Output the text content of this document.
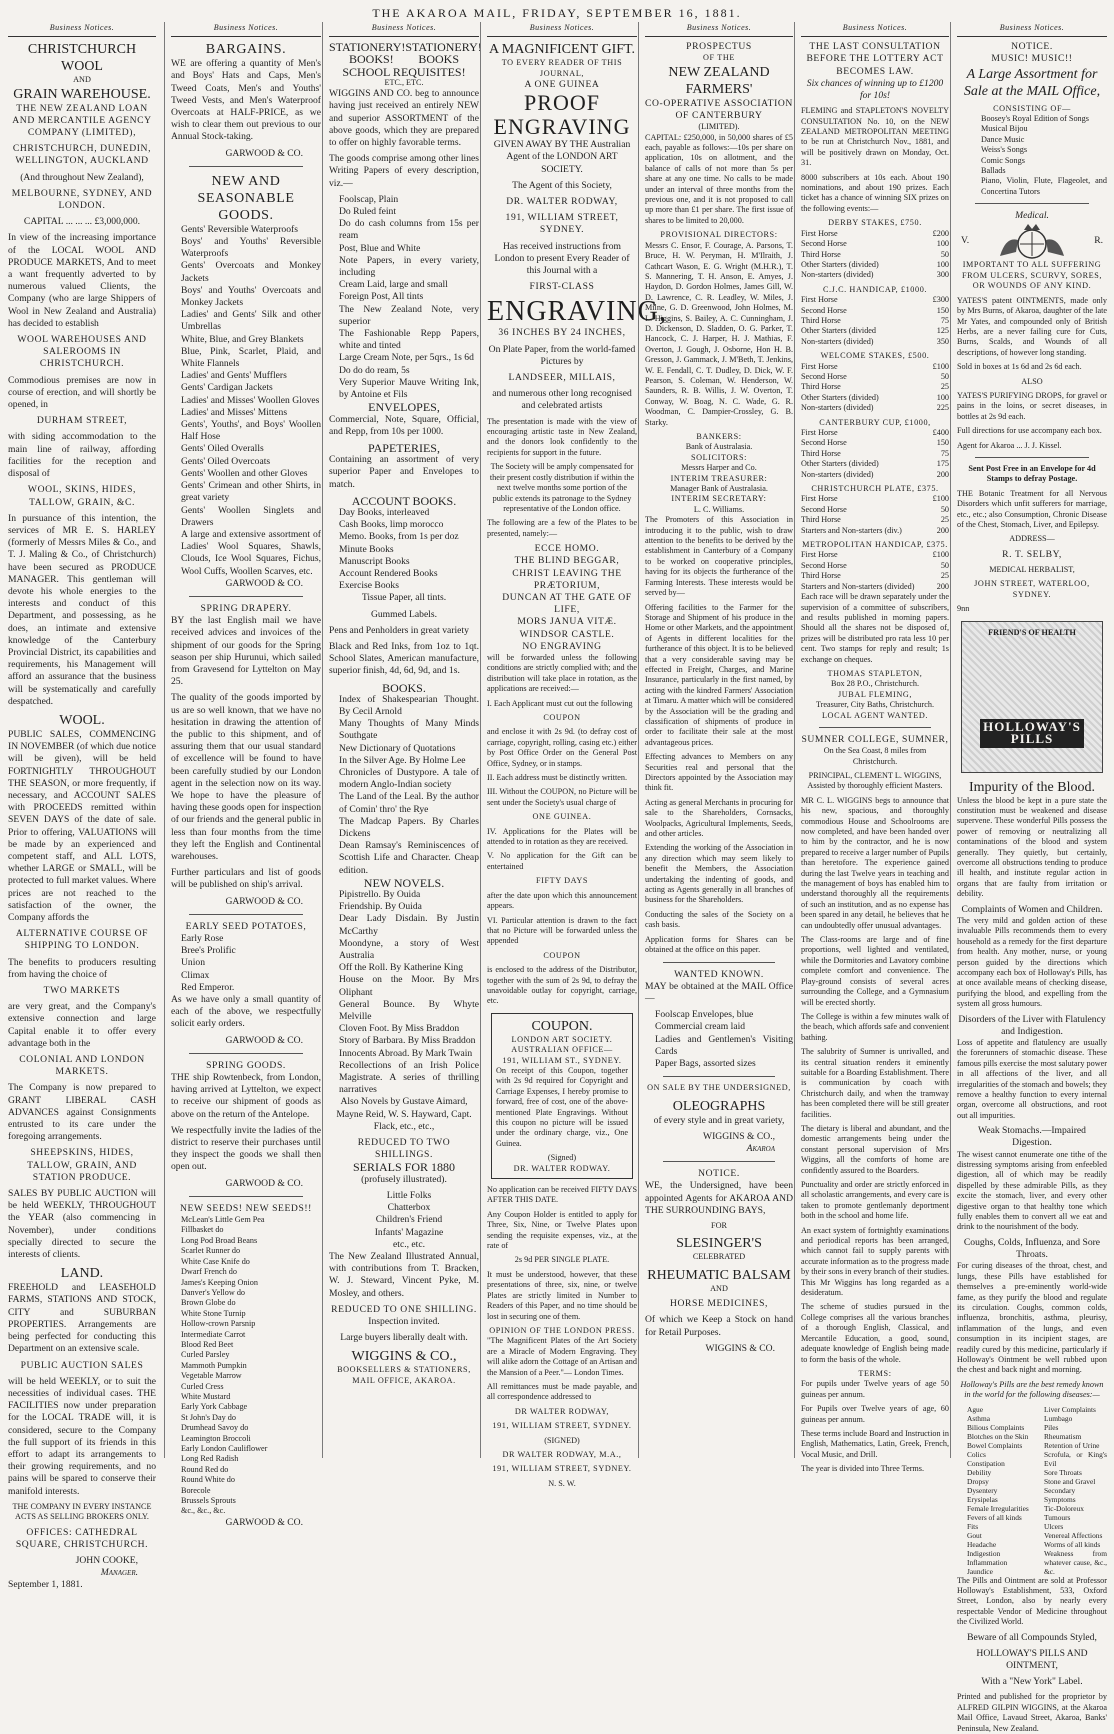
THE AKAROA MAIL, FRIDAY, SEPTEMBER 16, 1881.
Business Notices.
CHRISTCHURCH WOOL
AND
GRAIN WAREHOUSE.

THE NEW ZEALAND LOAN AND MERCANTILE AGENCY COMPANY (LIMITED),

CHRISTCHURCH, DUNEDIN, WELLINGTON, AUCKLAND

(And throughout New Zealand),

MELBOURNE, SYDNEY, AND LONDON.

CAPITAL ... ... ... £3,000,000.

In view of the increasing importance of the LOCAL WOOL AND PRODUCE MARKETS, And to meet a want frequently adverted to by numerous valued Clients, the Company (who are large Shippers of Wool in New Zealand and Australia) has decided to establish

WOOL WAREHOUSES AND SALEROOMS IN CHRISTCHURCH.

Commodious premises are now in course of erection, and will shortly be opened, in

DURHAM STREET,

with siding accommodation to the main line of railway, affording facilities for the reception and disposal of

WOOL, SKINS, HIDES, TALLOW, GRAIN, &C.

In pursuance of this intention, the services of MR E. S. HARLEY (formerly of Messrs Miles & Co., and T. J. Maling & Co., of Christchurch) have been secured as PRODUCE MANAGER. This gentleman will devote his whole energies to the interests and conduct of this Department, and possessing, as he does, an intimate and extensive knowledge of the Canterbury Provincial District, its capabilities and requirements, his Management will afford an assurance that the business will be systematically and carefully despatched.

WOOL.

PUBLIC SALES, COMMENCING IN NOVEMBER (of which due notice will be given), will be held FORTNIGHTLY THROUGHOUT THE SEASON, or more frequently, if necessary, and ACCOUNT SALES with PROCEEDS remitted within SEVEN DAYS of the date of sale. Prior to offering, VALUATIONS will be made by an experienced and competent staff, and ALL LOTS, whether LARGE or SMALL, will be protected to full market values. Where prices are not reached to the satisfaction of the owner, the Company affords the

ALTERNATIVE COURSE OF SHIPPING TO LONDON.

The benefits to producers resulting from having the choice of

TWO MARKETS

are very great, and the Company's extensive connection and large Capital enable it to offer every advantage both in the

COLONIAL AND LONDON MARKETS.

The Company is now prepared to GRANT LIBERAL CASH ADVANCES against Consignments entrusted to its care under the foregoing arrangements.

SHEEPSKINS, HIDES, TALLOW, GRAIN, AND STATION PRODUCE.

SALES BY PUBLIC AUCTION will be held WEEKLY, THROUGHOUT the YEAR (also commencing in November), under conditions specially directed to secure the interests of clients.

LAND.

FREEHOLD and LEASEHOLD FARMS, STATIONS AND STOCK, CITY and SUBURBAN PROPERTIES. Arrangements are being perfected for conducting this Department on an extensive scale.

PUBLIC AUCTION SALES

will be held WEEKLY, or to suit the necessities of individual cases. THE FACILITIES now under preparation for the LOCAL TRADE will, it is considered, secure to the Company the full support of its friends in this effort to adapt its arrangements to their growing requirements, and no pains will be spared to conserve their manifold interests.

THE COMPANY IN EVERY INSTANCE ACTS AS SELLING BROKERS ONLY.

OFFICES: CATHEDRAL SQUARE, CHRISTCHURCH.

JOHN COOKE,
Manager.
September 1, 1881.
Business Notices.
BARGAINS.

WE are offering a quantity of Men's and Boys' Hats and Caps, Men's Tweed Coats, Men's and Youths' Tweed Vests, and Men's Waterproof Overcoats at HALF-PRICE, as we wish to clear them out previous to our Annual Stock-taking.

GARWOOD & CO.
NEW AND SEASONABLE GOODS.
Gents' Reversible Waterproofs
Boys' and Youths' Reversible Waterproofs
Gents' Overcoats and Monkey Jackets
Boys' and Youths' Overcoats and Monkey Jackets
Ladies' and Gents' Silk and other Umbrellas
White, Blue, and Grey Blankets
Blue, Pink, Scarlet, Plaid, and White Flannels
Ladies' and Gents' Mufflers
Gents' Cardigan Jackets
Ladies' and Misses' Woollen Gloves
Ladies' and Misses' Mittens
Gents', Youths', and Boys' Woollen Half Hose
Gents' Oiled Overalls
Gents' Oiled Overcoats
Gents' Woollen and other Gloves
Gents' Crimean and other Shirts, in great variety
Gents' Woollen Singlets and Drawers
A large and extensive assortment of Ladies' Wool Squares, Shawls, Clouds, Ice Wool Squares, Fichus, Wool Cuffs, Woollen Scarves, etc.
GARWOOD & CO.
SPRING DRAPERY.

BY the last English mail we have received advices and invoices of the shipment of our goods for the Spring season per ship Hurunui, which sailed from Gravesend for Lyttelton on May 25.

The quality of the goods imported by us are so well known, that we have no hesitation in drawing the attention of the public to this shipment, and of assuring them that our usual standard of excellence will be found to have been carefully studied by our London agent in the selection now on its way. We hope to have the pleasure of having these goods open for inspection of our friends and the general public in less than four months from the time they left the English and Continental warehouses.

Further particulars and list of goods will be published on ship's arrival.

GARWOOD & CO.
EARLY SEED POTATOES,
Early Rose
Bree's Prolific
Union
Climax
Red Emperor.

As we have only a small quantity of each of the above, we respectfully solicit early orders.

GARWOOD & CO.
SPRING GOODS.

THE ship Rowtenbeck, from London, having arrived at Lyttelton, we expect to receive our shipment of goods as above on the return of the Antelope.

We respectfully invite the ladies of the district to reserve their purchases until they inspect the goods we shall then open out.

GARWOOD & CO.
NEW SEEDS! NEW SEEDS!!
McLean's Little Gem Pea
Fillbasket do
Long Pod Broad Beans
Scarlet Runner do
White Case Knife do
Dwarf French do
James's Keeping Onion
Danver's Yellow do
Brown Globe do
White Stone Turnip
Hollow-crown Parsnip
Intermediate Carrot
Blood Red Beet
Curled Parsley
Mammoth Pumpkin
Vegetable Marrow
Curled Cress
White Mustard
Early York Cabbage
St John's Day do
Drumhead Savoy do
Leamington Broccoli
Early London Cauliflower
Long Red Radish
Round Red do
Round White do
Borecole
Brussels Sprouts
&c., &c., &c.
GARWOOD & CO.
Business Notices.
STATIONERY! STATIONERY!
BOOKS! BOOKS
SCHOOL REQUISITES!
ETC., ETC.

WIGGINS AND CO. beg to announce having just received an entirely NEW and superior ASSORTMENT of the above goods, which they are prepared to offer on highly favorable terms.

The goods comprise among other lines Writing Papers of every description, viz.—

Foolscap, Plain
Do Ruled feint
Do do cash columns from 15s per ream
Post, Blue and White
Note Papers, in every variety, including
Cream Laid, large and small
Foreign Post, All tints
The New Zealand Note, very superior
The Fashionable Repp Papers, white and tinted
Large Cream Note, per 5qrs., 1s 6d
Do do do ream, 5s
Very Superior Mauve Writing Ink, by Antoine et Fils
ENVELOPES,

Commercial, Note, Square, Official, and Repp, from 10s per 1000.

PAPETERIES,

Containing an assortment of very superior Paper and Envelopes to match.

ACCOUNT BOOKS.
Day Books, interleaved
Cash Books, limp morocco
Memo. Books, from 1s per doz
Minute Books
Manuscript Books
Account Rendered Books
Exercise Books

Tissue Paper, all tints.

Gummed Labels.

Pens and Penholders in great variety

Black and Red Inks, from 1oz to 1qt. School Slates, American manufacture, superior finish, 4d, 6d, 9d, and 1s.

BOOKS.
Index of Shakespearian Thought. By Cecil Arnold
Many Thoughts of Many Minds Southgate
New Dictionary of Quotations
In the Silver Age. By Holme Lee
Chronicles of Dustypore. A tale of modern Anglo-Indian society
The Land of the Leal. By the author of Comin' thro' the Rye
The Madcap Papers. By Charles Dickens
Dean Ramsay's Reminiscences of Scottish Life and Character. Cheap edition.
NEW NOVELS.
Pipistrello. By Ouida
Friendship. By Ouida
Dear Lady Disdain. By Justin McCarthy
Moondyne, a story of West Australia
Off the Roll. By Katherine King
House on the Moor. By Mrs Oliphant
General Bounce. By Whyte Melville
Cloven Foot. By Miss Braddon
Story of Barbara. By Miss Braddon
Innocents Abroad. By Mark Twain
Recollections of an Irish Police Magistrate. A series of thrilling narratives

Also Novels by Gustave Aimard, Mayne Reid, W. S. Hayward, Capt. Flack, etc., etc.,

REDUCED TO TWO SHILLINGS.
SERIALS FOR 1880

(profusely illustrated).

Little Folks
Chatterbox
Children's Friend
Infants' Magazine
etc., etc.

The New Zealand Illustrated Annual, with contributions from T. Bracken, W. J. Steward, Vincent Pyke, M. Mosley, and others.

REDUCED TO ONE SHILLING.

Inspection invited.

Large buyers liberally dealt with.

WIGGINS & CO.,
BOOKSELLERS & STATIONERS, MAIL OFFICE, AKAROA.
Business Notices.
A MAGNIFICENT GIFT.
TO EVERY READER OF THIS JOURNAL,
A ONE GUINEA
PROOF ENGRAVING

GIVEN AWAY BY THE Australian Agent of the LONDON ART SOCIETY.

The Agent of this Society,

DR. WALTER RODWAY,

191, WILLIAM STREET, SYDNEY.

Has received instructions from London to present Every Reader of this Journal with a

FIRST-CLASS

ENGRAVING,

36 INCHES BY 24 INCHES,

On Plate Paper, from the world-famed Pictures by

LANDSEER, MILLAIS,

and numerous other long recognised and celebrated artists

The presentation is made with the view of encouraging artistic taste in New Zealand, and the donors look confidently to the recipients for support in the future.

The Society will be amply compensated for their present costly distribution if within the next twelve months some portion of the public extends its patronage to the Sydney representative of the London office.

The following are a few of the Plates to be presented, namely:—

ECCE HOMO.
THE BLIND BEGGAR,
CHRIST LEAVING THE PRÆTORIUM,
DUNCAN AT THE GATE OF LIFE,
MORS JANUA VITÆ.
WINDSOR CASTLE.
NO ENGRAVING

will be forwarded unless the following conditions are strictly complied with; and the distribution will take place in rotation, as the applications are received:—

I. Each Applicant must cut out the following

COUPON

and enclose it with 2s 9d. (to defray cost of carriage, copyright, rolling, casing etc.) either by Post Office Order on the General Post Office, Sydney, or in stamps.

II. Each address must be distinctly written.

III. Without the COUPON, no Picture will be sent under the Society's usual charge of

ONE GUINEA.

IV. Applications for the Plates will be attended to in rotation as they are received.

V. No application for the Gift can be entertained

FIFTY DAYS

after the date upon which this announcement appears.

VI. Particular attention is drawn to the fact that no Picture will be forwarded unless the appended

COUPON

is enclosed to the address of the Distributor, together with the sum of 2s 9d, to defray the unavoidable outlay for copyright, carriage, etc.

COUPON.
LONDON ART SOCIETY.
AUSTRALIAN OFFICE—
191, WILLIAM ST., SYDNEY.

On receipt of this Coupon, together with 2s 9d required for Copyright and Carriage Expenses, I hereby promise to forward, free of cost, one of the above-mentioned Plate Engravings. Without this coupon no picture will be issued under the ordinary charge, viz., One Guinea.

(Signed)
DR. WALTER RODWAY.

No application can be received FIFTY DAYS AFTER THIS DATE.

Any Coupon Holder is entitled to apply for Three, Six, Nine, or Twelve Plates upon sending the requisite expenses, viz., at the rate of

2s 9d PER SINGLE PLATE.

It must be understood, however, that these presentations of three, six, nine, or twelve Plates are strictly limited in Number to Readers of this Paper, and no time should be lost in securing one of them.

OPINION OF THE LONDON PRESS.

"The Magnificent Plates of the Art Society are a Miracle of Modern Engraving. They will alike adorn the Cottage of an Artisan and the Mansion of a Peer."— London Times.

All remittances must be made payable, and all correspondence addressed to

DR WALTER RODWAY,

191, WILLIAM STREET, SYDNEY.

(SIGNED)

DR WALTER RODWAY, M.A.,

191, WILLIAM STREET, SYDNEY.

N. S. W.

Business Notices.
PROSPECTUS
OF THE
NEW ZEALAND FARMERS'
CO-OPERATIVE ASSOCIATION OF CANTERBURY
(LIMITED).

CAPITAL: £250,000, in 50,000 shares of £5 each, payable as follows:—10s per share on application, 10s on allotment, and the balance of calls of not more than 5s per share at any one time. No calls to be made under an interval of three months from the previous one, and it is not proposed to call up more than £1 per share. The first issue of shares to be limited to 20,000.

PROVISIONAL DIRECTORS:

Messrs C. Ensor, F. Courage, A. Parsons, T. Bruce, H. W. Peryman, H. M'Ilraith, J. Cathcart Wason, E. G. Wright (M.H.R.), T. S. Mannering, T. H. Anson, E. Amyes, J. Haydon, D. Gordon Holmes, James Gill, W. D. Lawrence, C. R. Leadley, W. Miles, J. Milne, G. D. Greenwood, John Holmes, M. L. Higgins, S. Bailey, A. C. Cunningham, J. D. Dickenson, D. Sladden, O. G. Parker, T. Hancock, C. J. Harper, H. J. Mathias, F. Overton, J. Gough, J. Osborne, Hon H. B. Gresson, J. Gammack, J. M'Beth, T. Jenkins, W. E. Fendall, C. T. Dudley, D. Dick, W. F. Pearson, S. Coleman, W. Henderson, W. Saunders, R. B. Willis, J. W. Overton, T. Conway, W. Boag, N. C. Wade, G. R. Woodman, C. Dampier-Crossley, G. B. Starky.

BANKERS:
Bank of Australasia.
SOLICITORS:
Messrs Harper and Co.
INTERIM TREASURER:
Manager Bank of Australasia.
INTERIM SECRETARY:
L. C. Williams.

The Promoters of this Association in introducing it to the public, wish to draw attention to the benefits to be derived by the establishment in Canterbury of a Company to be worked on cooperative principles, having for its objects the furtherance of the Farming Interests. These interests would be served by—

Offering facilities to the Farmer for the Storage and Shipment of his produce in the Home or other Markets, and the appointment of Agents in different localities for the furtherance of this object. It is to be believed that a very considerable saving may be effected in Freight, Charges, and Marine Insurance, particularly in the first named, by acting with the kindred Farmers' Association at Timaru. A matter which will be considered by the Association will be the grading and classification of shipments of produce in order to facilitate their sale at the most advantageous prices.

Effecting advances to Members on any Securities real and personal that the Directors appointed by the Association may think fit.

Acting as general Merchants in procuring for sale to the Shareholders, Cornsacks, Woolpacks, Agricultural Implements, Seeds, and other articles.

Extending the working of the Association in any direction which may seem likely to benefit the Members, the Association undertaking the indenting of goods, and acting as Agents generally in all branches of business for the Shareholders.

Conducting the sales of the Society on a cash basis.

Application forms for Shares can be obtained at the office on this paper.

WANTED KNOWN.

MAY be obtained at the MAIL Office—

Foolscap Envelopes, blue
Commercial cream laid
Ladies and Gentlemen's Visiting Cards
Paper Bags, assorted sizes

ON SALE BY THE UNDERSIGNED,

OLEOGRAPHS

of every style and in great variety,

WIGGINS & CO.,
Akaroa
NOTICE.

WE, the Undersigned, have been appointed Agents for AKAROA AND THE SURROUNDING BAYS,

FOR

SLESINGER'S

CELEBRATED

RHEUMATIC BALSAM

AND

HORSE MEDICINES,

Of which we Keep a Stock on hand for Retail Purposes.

WIGGINS & CO.
Business Notices.
THE LAST CONSULTATION BEFORE THE LOTTERY ACT BECOMES LAW.

Six chances of winning up to £1200 for 10s!

FLEMING and STAPLETON'S NOVELTY CONSULTATION No. 10, on the NEW ZEALAND METROPOLITAN MEETING to be run at Christchurch Nov., 1881, and will be positively drawn on Monday, Oct. 31.

8000 subscribers at 10s each. About 190 nominations, and about 190 prizes. Each ticket has a chance of winning SIX prizes on the following events:—

DERBY STAKES, £750.
First Horse	£200
Second Horse	100
Third Horse	50
Other Starters (divided)	100
Non-starters (divided)	300
C.J.C. HANDICAP, £1000.
First Horse	£300
Second Horse	150
Third Horse	75
Other Starters (divided	125
Non-starters (divided)	350
WELCOME STAKES, £500.
First Horse	£100
Second Horse	50
Third Horse	25
Other Starters (divided)	100
Non-starters (divided)	225
CANTERBURY CUP, £1000,
First Horse	£400
Second Horse	150
Third Horse	75
Other Starters (divided)	175
Non-starters (divided)	200
CHRISTCHURCH PLATE, £375.
First Horse	£100
Second Horse	50
Third Horse	25
Starters and Non-starters (div.)	200
METROPOLITAN HANDICAP, £375.
First Horse	£100
Second Horse	50
Third Horse	25
Starters and Non-starters (divided)	200

Each race will be drawn separately under the supervision of a committee of subscribers, and results published in morning papers. Should all the shares not be disposed of, prizes will be distributed pro rata less 10 per cent. Two stamps for reply and result; 1s exchange on cheques.

THOMAS STAPLETON,
Box 28 P.O., Christchurch.
JUBAL FLEMING,
Treasurer, City Baths, Christchurch.
LOCAL AGENT WANTED.
SUMNER COLLEGE, SUMNER,

On the Sea Coast, 8 miles from Christchurch.

PRINCIPAL, CLEMENT L. WIGGINS, Assisted by thoroughly efficient Masters.

MR C. L. WIGGINS begs to announce that his new, spacious, and thoroughly commodious House and Schoolrooms are now completed, and have been handed over to him by the contractor, and he is now prepared to receive a larger number of Pupils than heretofore. The experience gained during the last Twelve years in teaching and the management of boys has enabled him to understand thoroughly all the requirements of such an institution, and as no expense has been spared in any detail, he believes that he can undoubtedly offer unusual advantages.

The Class-rooms are large and of fine proportions, well lighted and ventilated, while the Dormitories and Lavatory combine complete comfort and convenience. The Play-ground consists of several acres surrounding the College, and a Gymnasium will be erected shortly.

The College is within a few minutes walk of the beach, which affords safe and convenient bathing.

The salubrity of Sumner is unrivalled, and its central situation renders it eminently suitable for a Boarding Establishment. There is communication by coach with Christchurch daily, and when the tramway has been completed there will be still greater facilities.

The dietary is liberal and abundant, and the domestic arrangements being under the constant personal supervision of Mrs Wiggins, all the comforts of home are confidently assured to the Boarders.

Punctuality and order are strictly enforced in all scholastic arrangements, and every care is taken to promote gentlemanly deportment both in the school and home life.

An exact system of fortnightly examinations and periodical reports has been arranged, which cannot fail to supply parents with accurate information as to the progress made by their sons in every branch of their studies. This Mr Wiggins has long regarded as a desideratum.

The scheme of studies pursued in the College comprises all the various branches of a thorough English, Classical, and Mercantile Education, a good, sound, adequate knowledge of English being made to form the basis of the whole.

TERMS:

For pupils under Twelve years of age 50 guineas per annum.

For Pupils over Twelve years of age, 60 guineas per annum.

These terms include Board and Instruction in English, Mathematics, Latin, Greek, French, Vocal Music, and Drill.

The year is divided into Three Terms.

Business Notices.
NOTICE.
MUSIC! MUSIC!!

A Large Assortment for Sale at the MAIL Office,

CONSISTING OF—
Boosey's Royal Edition of Songs
Musical Bijou
Dance Music
Weiss's Songs
Comic Songs
Ballads
Piano, Violin, Flute, Flageolet, and Concertina Tutors
Medical.
V.	R.

IMPORTANT TO ALL SUFFERING FROM ULCERS, SCURVY, SORES, OR WOUNDS OF ANY KIND.

YATES'S patent OINTMENTS, made only by Mrs Burns, of Akaroa, daughter of the late Mr Yates, and compounded only of British Herbs, are a never failing cure for Cuts, Burns, Scalds, and Wounds of all descriptions, of however long standing.

Sold in boxes at 1s 6d and 2s 6d each.

ALSO

YATES'S PURIFYING DROPS, for gravel or pains in the loins, or secret diseases, in bottles at 2s 9d each.

Full directions for use accompany each box.

Agent for Akaroa ... J. J. Kissel.

Sent Post Free in an Envelope for 4d Stamps to defray Postage.

THE Botanic Treatment for all Nervous Disorders which unfit sufferers for marriage, etc., etc.; also Consumption, Chronic Disease of the Chest, Stomach, Liver, and Epilepsy.

ADDRESS—

R. T. SELBY,

MEDICAL HERBALIST,

JOHN STREET, WATERLOO, SYDNEY.

9nn

FRIEND'S OF HEALTH
HOLLOWAY'S PILLS
Impurity of the Blood.

Unless the blood be kept in a pure state the constitution must be weakened and disease supervene. These wonderful Pills possess the power of removing or neutralizing all contaminations of the blood and system generally. They quietly, but certainly, overcome all obstructions tending to produce ill health, and institute regular action in organs that are faulty from irritation or debility.

Complaints of Women and Children.

The very mild and golden action of these invaluable Pills recommends them to every household as a remedy for the first departure from health. Any mother, nurse, or young person guided by the directions which accompany each box of Holloway's Pills, has at once available means of checking disease, purifying the blood, and expelling from the system all gross humours.

Disorders of the Liver with Flatulency and Indigestion.

Loss of appetite and flatulency are usually the forerunners of stomachic disease. These famous pills exercise the most salutary power in all affections of the liver, and all irregularities of the stomach and bowels; they remove a healthy function to every internal organ, overcome all obstructions, and root out all impurities.

Weak Stomachs.—Impaired Digestion.

The wisest cannot enumerate one tithe of the distressing symptoms arising from enfeebled digestion, all of which may be readily dispelled by these admirable Pills, as they excite the stomach, liver, and every other digestive organ to that healthy tone which fully enables them to convert all we eat and drink to the nourishment of the body.

Coughs, Colds, Influenza, and Sore Throats.

For curing diseases of the throat, chest, and lungs, these Pills have established for themselves a pre-eminently world-wide fame, as they purify the blood and regulate its circulation. Coughs, common colds, influenza, bronchitis, asthma, pleurisy, inflammation of the lungs, and even consumption in its incipient stages, are readily cured by this medicine, particularly if Holloway's Ointment be well rubbed upon the chest and back night and morning.

Holloway's Pills are the best remedy known in the world for the following diseases:—

Ague
Asthma
Bilious Complaints
Blotches on the Skin
Bowel Complaints
Colics
Constipation
Debility
Dropsy
Dysentery
Erysipelas
Female Irregularities
Fevers of all kinds
Fits
Gout
Headache
Indigestion
Inflammation
Jaundice
Liver Complaints
Lumbago
Piles
Rheumatism
Retention of Urine
Scrofula, or King's Evil
Sore Throats
Stone and Gravel
Secondary Symptoms
Tic-Doloreux
Tumours
Ulcers
Venereal Affections
Worms of all kinds
Weakness from whatever cause, &c., &c.

The Pills and Ointment are sold at Professor Holloway's Establishment, 533, Oxford Street, London, also by nearly every respectable Vendor of Medicine throughout the Civilized World.

Beware of all Compounds Styled,

HOLLOWAY'S PILLS AND OINTMENT,

With a "New York" Label.

Printed and published for the proprietor by ALFRED GILPIN WIGGINS, at the Akaroa Mail Office, Lavaud Street, Akaroa, Banks' Peninsula, New Zealand.
